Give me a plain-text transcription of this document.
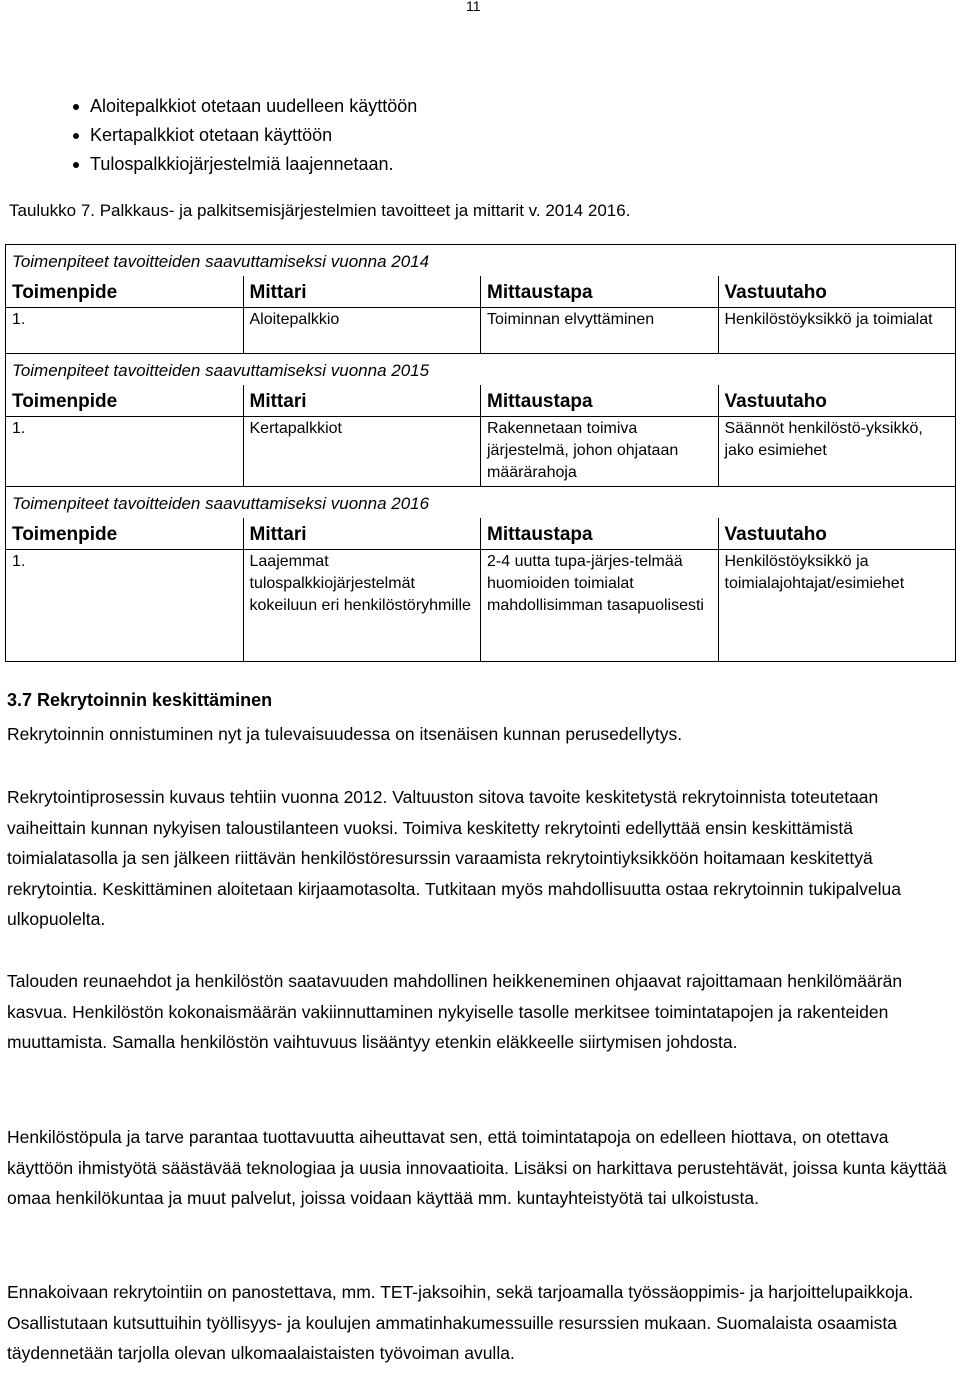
11
Aloitepalkkiot otetaan uudelleen käyttöön
Kertapalkkiot otetaan käyttöön
Tulospalkkiojärjestelmiä laajennetaan.
Taulukko 7. Palkkaus- ja palkitsemisjärjestelmien tavoitteet ja mittarit v. 2014 2016.
Toimenpiteet tavoitteiden saavuttamiseksi vuonna 2014			
Toimenpide	Mittari	Mittaustapa	Vastuutaho
1.	Aloitepalkkio	Toiminnan elvyttäminen	Henkilöstöyksikkö ja toimialat
Toimenpiteet tavoitteiden saavuttamiseksi vuonna 2015			
Toimenpide	Mittari	Mittaustapa	Vastuutaho
1.	Kertapalkkiot	Rakennetaan toimiva järjestelmä, johon ohjataan määrärahoja	Säännöt henkilöstö-yksikkö, jako esimiehet
Toimenpiteet tavoitteiden saavuttamiseksi vuonna 2016			
Toimenpide	Mittari	Mittaustapa	Vastuutaho
1.	Laajemmat tulospalkkiojärjestelmät kokeiluun eri henkilöstöryhmille	2-4 uutta tupa-järjes-telmää huomioiden toimialat mahdollisimman tasapuolisesti	Henkilöstöyksikkö ja toimialajohtajat/esimiehet
3.7 Rekrytoinnin keskittäminen

Rekrytoinnin onnistuminen nyt ja tulevaisuudessa on itsenäisen kunnan perusedellytys.

Rekrytointiprosessin kuvaus tehtiin vuonna 2012. Valtuuston sitova tavoite keskitetystä rekrytoinnista toteutetaan vaiheittain kunnan nykyisen taloustilanteen vuoksi. Toimiva keskitetty rekrytointi edellyttää ensin keskittämistä toimialatasolla ja sen jälkeen riittävän henkilöstöresurssin varaamista rekrytointiyksikköön hoitamaan keskitettyä rekrytointia. Keskittäminen aloitetaan kirjaamotasolta. Tutkitaan myös mahdollisuutta ostaa rekrytoinnin tukipalvelua ulkopuolelta.

Talouden reunaehdot ja henkilöstön saatavuuden mahdollinen heikkeneminen ohjaavat rajoittamaan henkilömäärän kasvua. Henkilöstön kokonaismäärän vakiinnuttaminen nykyiselle tasolle merkitsee toimintatapojen ja rakenteiden muuttamista. Samalla henkilöstön vaihtuvuus lisääntyy etenkin eläkkeelle siirtymisen johdosta.

Henkilöstöpula ja tarve parantaa tuottavuutta aiheuttavat sen, että toimintatapoja on edelleen hiottava, on otettava käyttöön ihmistyötä säästävää teknologiaa ja uusia innovaatioita. Lisäksi on harkittava perustehtävät, joissa kunta käyttää omaa henkilökuntaa ja muut palvelut, joissa voidaan käyttää mm. kuntayhteistyötä tai ulkoistusta.

Ennakoivaan rekrytointiin on panostettava, mm. TET-jaksoihin, sekä tarjoamalla työssäoppimis- ja harjoittelupaikkoja. Osallistutaan kutsuttuihin työllisyys- ja koulujen ammatinhakumessuille resurssien mukaan. Suomalaista osaamista täydennetään tarjolla olevan ulkomaalaistaisten työvoiman avulla.
